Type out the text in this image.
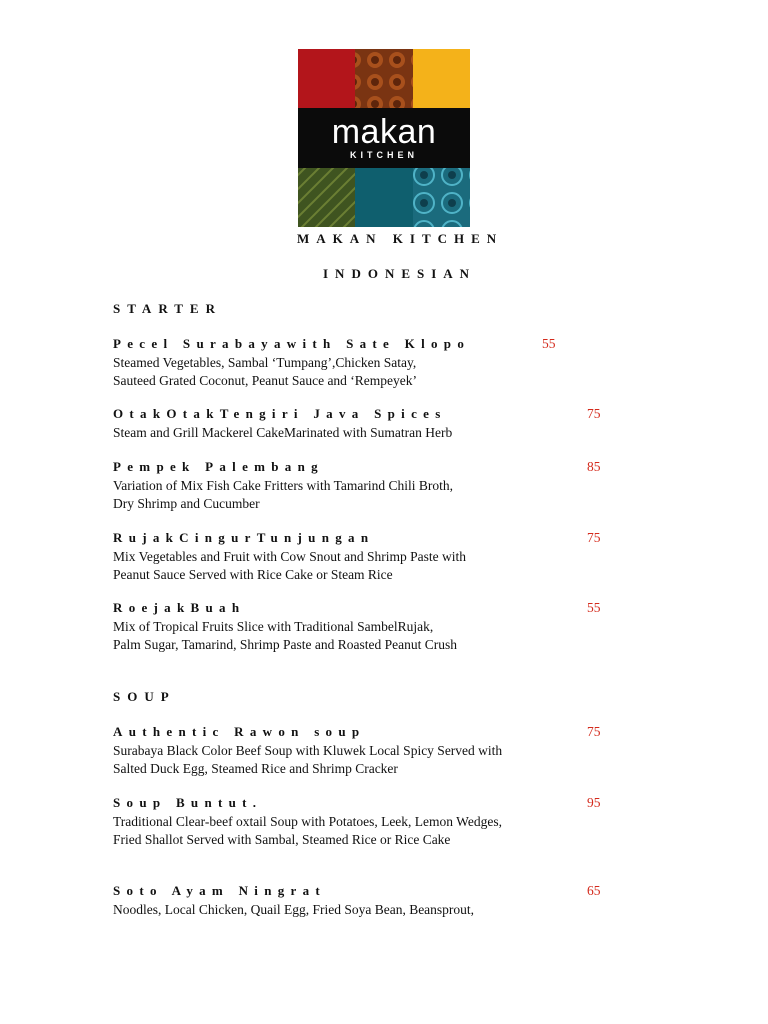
makan
KITCHEN
MAKAN KITCHEN
INDONESIAN
STARTER
Pecel Surabayawith Sate Klopo
Steamed Vegetables, Sambal ‘Tumpang’,Chicken Satay,
Sauteed Grated Coconut, Peanut Sauce and ‘Rempeyek’
55
OtakOtakTengiri Java Spices
Steam and Grill Mackerel CakeMarinated with Sumatran Herb
75
Pempek Palembang
Variation of Mix Fish Cake Fritters with Tamarind Chili Broth,
Dry Shrimp and Cucumber
85
RujakCingurTunjungan
Mix Vegetables and Fruit with Cow Snout and Shrimp Paste with
Peanut Sauce Served with Rice Cake or Steam Rice
75
RoejakBuah
Mix of Tropical Fruits Slice with Traditional SambelRujak,
Palm Sugar, Tamarind, Shrimp Paste and Roasted Peanut Crush
55
SOUP
Authentic Rawon soup
Surabaya Black Color Beef Soup with Kluwek Local Spicy Served with
Salted Duck Egg, Steamed Rice and Shrimp Cracker
75
Soup Buntut.
Traditional Clear-beef oxtail Soup with Potatoes, Leek, Lemon Wedges,
Fried Shallot Served with Sambal, Steamed Rice or Rice Cake
95
Soto Ayam Ningrat
Noodles, Local Chicken, Quail Egg, Fried Soya Bean, Beansprout,
65
